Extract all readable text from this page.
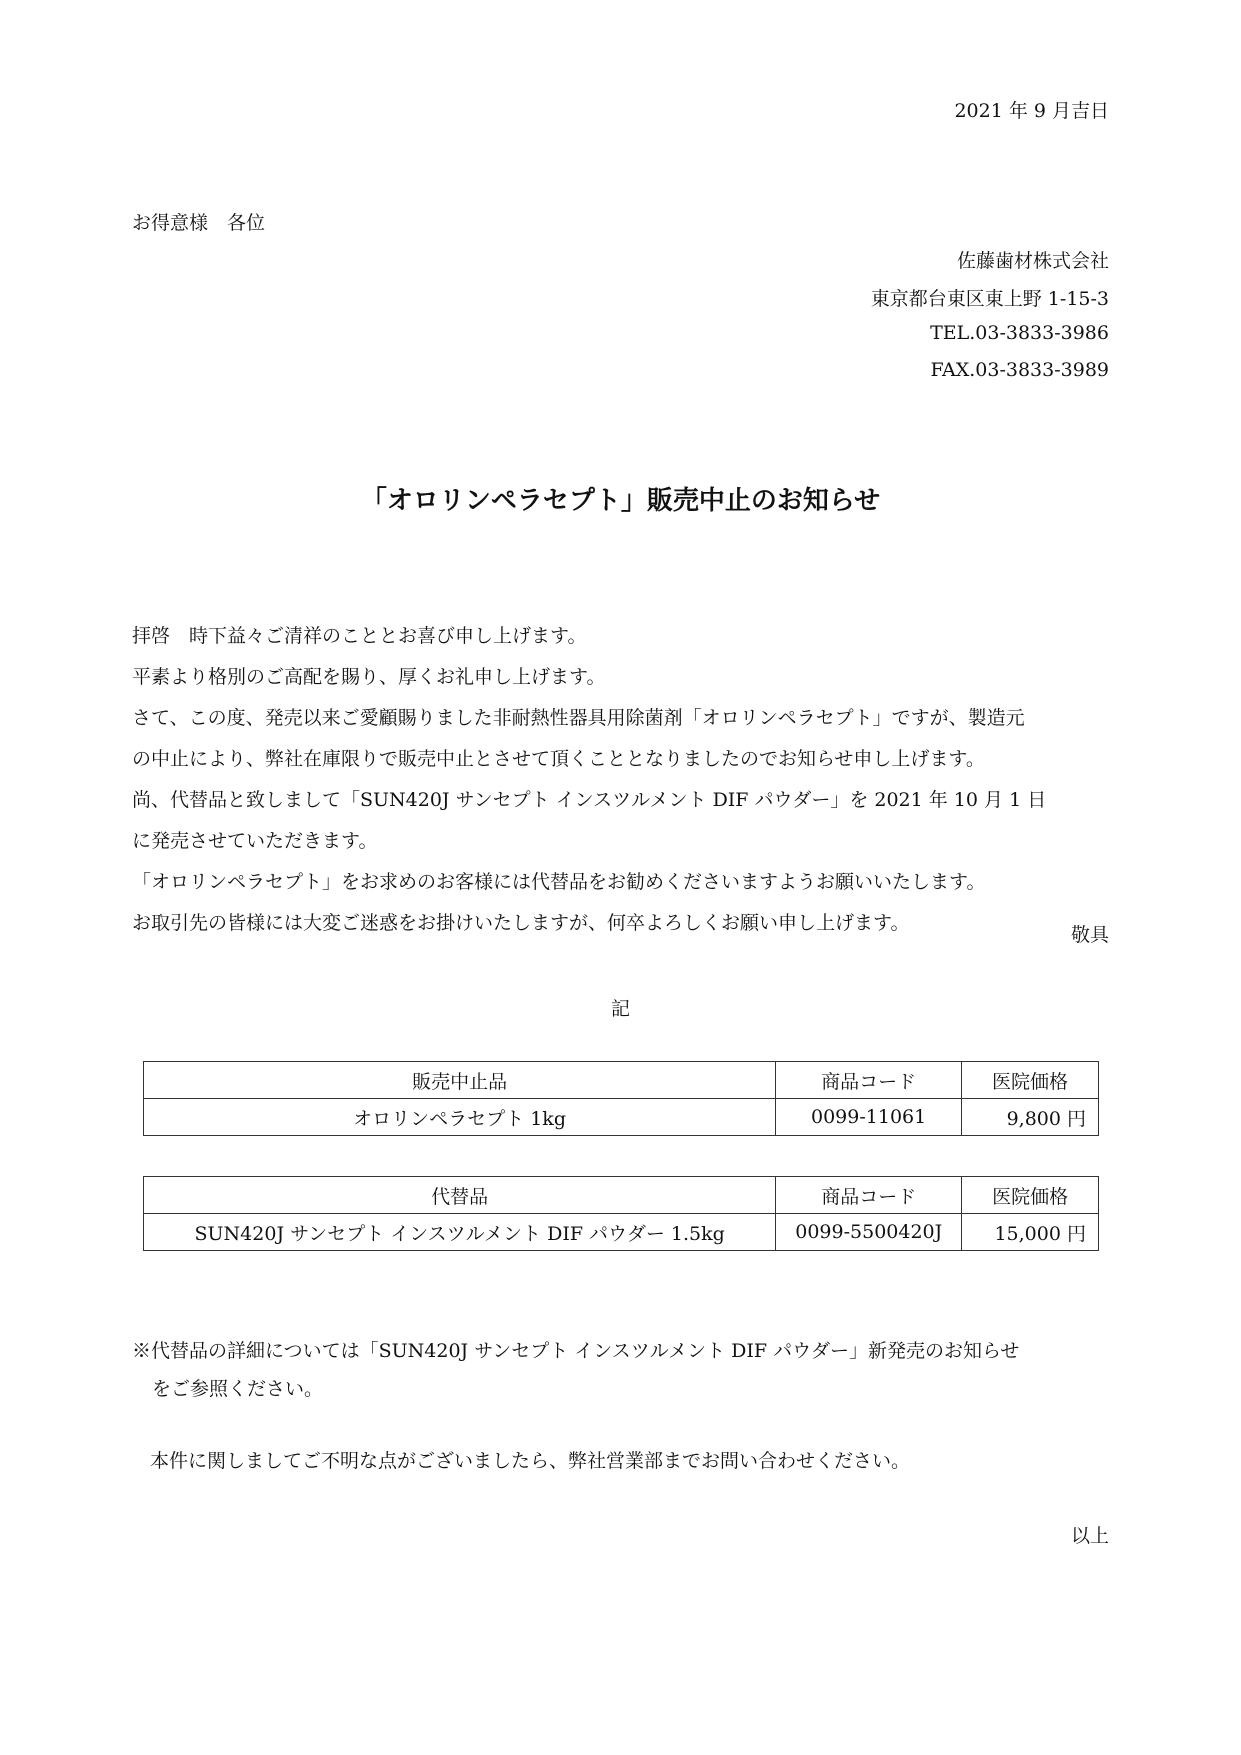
2021 年 9 月吉日
お得意様　各位
佐藤歯材株式会社
東京都台東区東上野 1-15-3
TEL.03-3833-3986
FAX.03-3833-3989
「オロリンペラセプト」販売中止のお知らせ

拝啓　時下益々ご清祥のこととお喜び申し上げます。

平素より格別のご高配を賜り、厚くお礼申し上げます。

さて、この度、発売以来ご愛顧賜りました非耐熱性器具用除菌剤「オロリンペラセプト」ですが、製造元

の中止により、弊社在庫限りで販売中止とさせて頂くこととなりましたのでお知らせ申し上げます。

尚、代替品と致しまして「SUN420J サンセプト インスツルメント DIF パウダー」を 2021 年 10 月 1 日

に発売させていただきます。

「オロリンペラセプト」をお求めのお客様には代替品をお勧めくださいますようお願いいたします。

お取引先の皆様には大変ご迷惑をお掛けいたしますが、何卒よろしくお願い申し上げます。

敬具
記
販売中止品	商品コード	医院価格
オロリンペラセプト 1kg	0099-11061	9,800 円
代替品	商品コード	医院価格
SUN420J サンセプト インスツルメント DIF パウダー 1.5kg	0099-5500420J	15,000 円
※代替品の詳細については「SUN420J サンセプト インスツルメント DIF パウダー」新発売のお知らせ
をご参照ください。
本件に関しましてご不明な点がございましたら、弊社営業部までお問い合わせください。
以上
